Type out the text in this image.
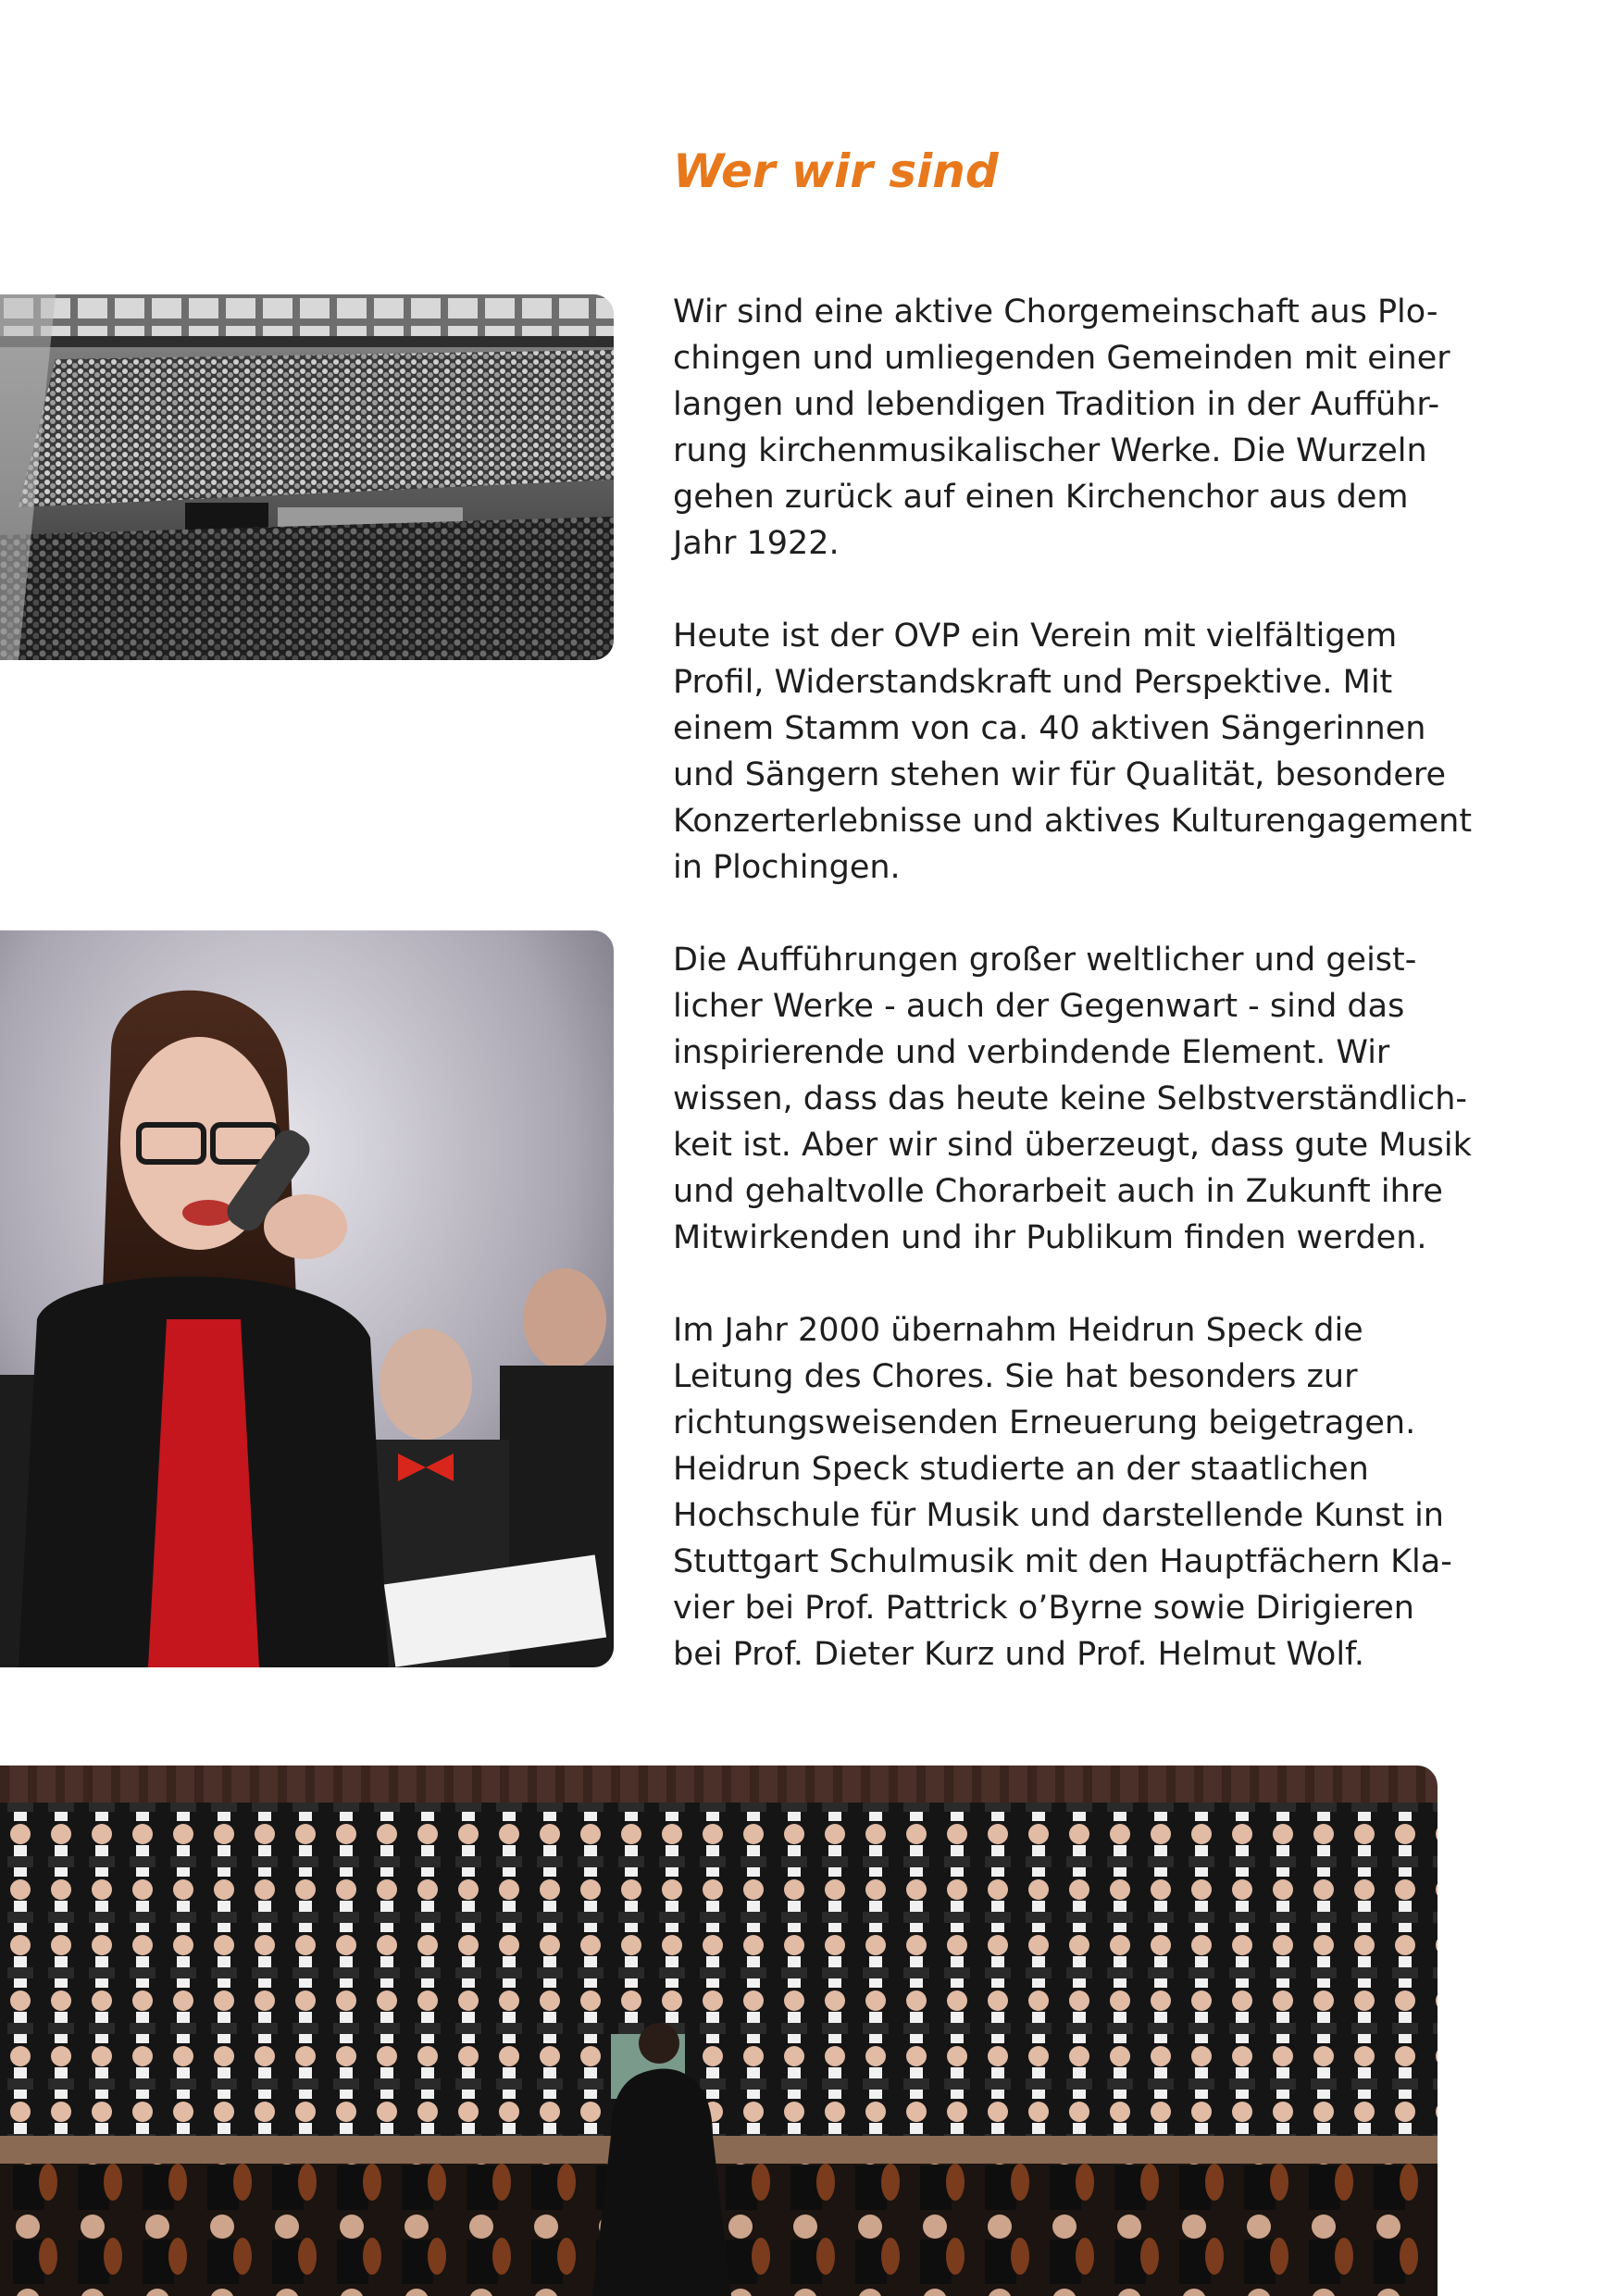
Wer wir sind
Wir sind eine aktive Chorgemeinschaft aus Plo-
chingen und umliegenden Gemeinden mit einer
langen und lebendigen Tradition in der Aufführ-
rung kirchenmusikalischer Werke. Die Wurzeln
gehen zurück auf einen Kirchenchor aus dem
Jahr 1922.
Heute ist der OVP ein Verein mit vielfältigem
Profil, Widerstandskraft und Perspektive. Mit
einem Stamm von ca. 40 aktiven Sängerinnen
und Sängern stehen wir für Qualität, besondere
Konzerterlebnisse und aktives Kulturengagement
in Plochingen.
Die Aufführungen großer weltlicher und geist-
licher Werke - auch der Gegenwart - sind das
inspirierende und verbindende Element. Wir
wissen, dass das heute keine Selbstverständlich-
keit ist. Aber wir sind überzeugt, dass gute Musik
und gehaltvolle Chorarbeit auch in Zukunft ihre
Mitwirkenden und ihr Publikum finden werden.
Im Jahr 2000 übernahm Heidrun Speck die
Leitung des Chores. Sie hat besonders zur
richtungsweisenden Erneuerung beigetragen.
Heidrun Speck studierte an der staatlichen
Hochschule für Musik und darstellende Kunst in
Stuttgart Schulmusik mit den Hauptfächern Kla-
vier bei Prof. Pattrick o’Byrne sowie Dirigieren
bei Prof. Dieter Kurz und Prof. Helmut Wolf.
